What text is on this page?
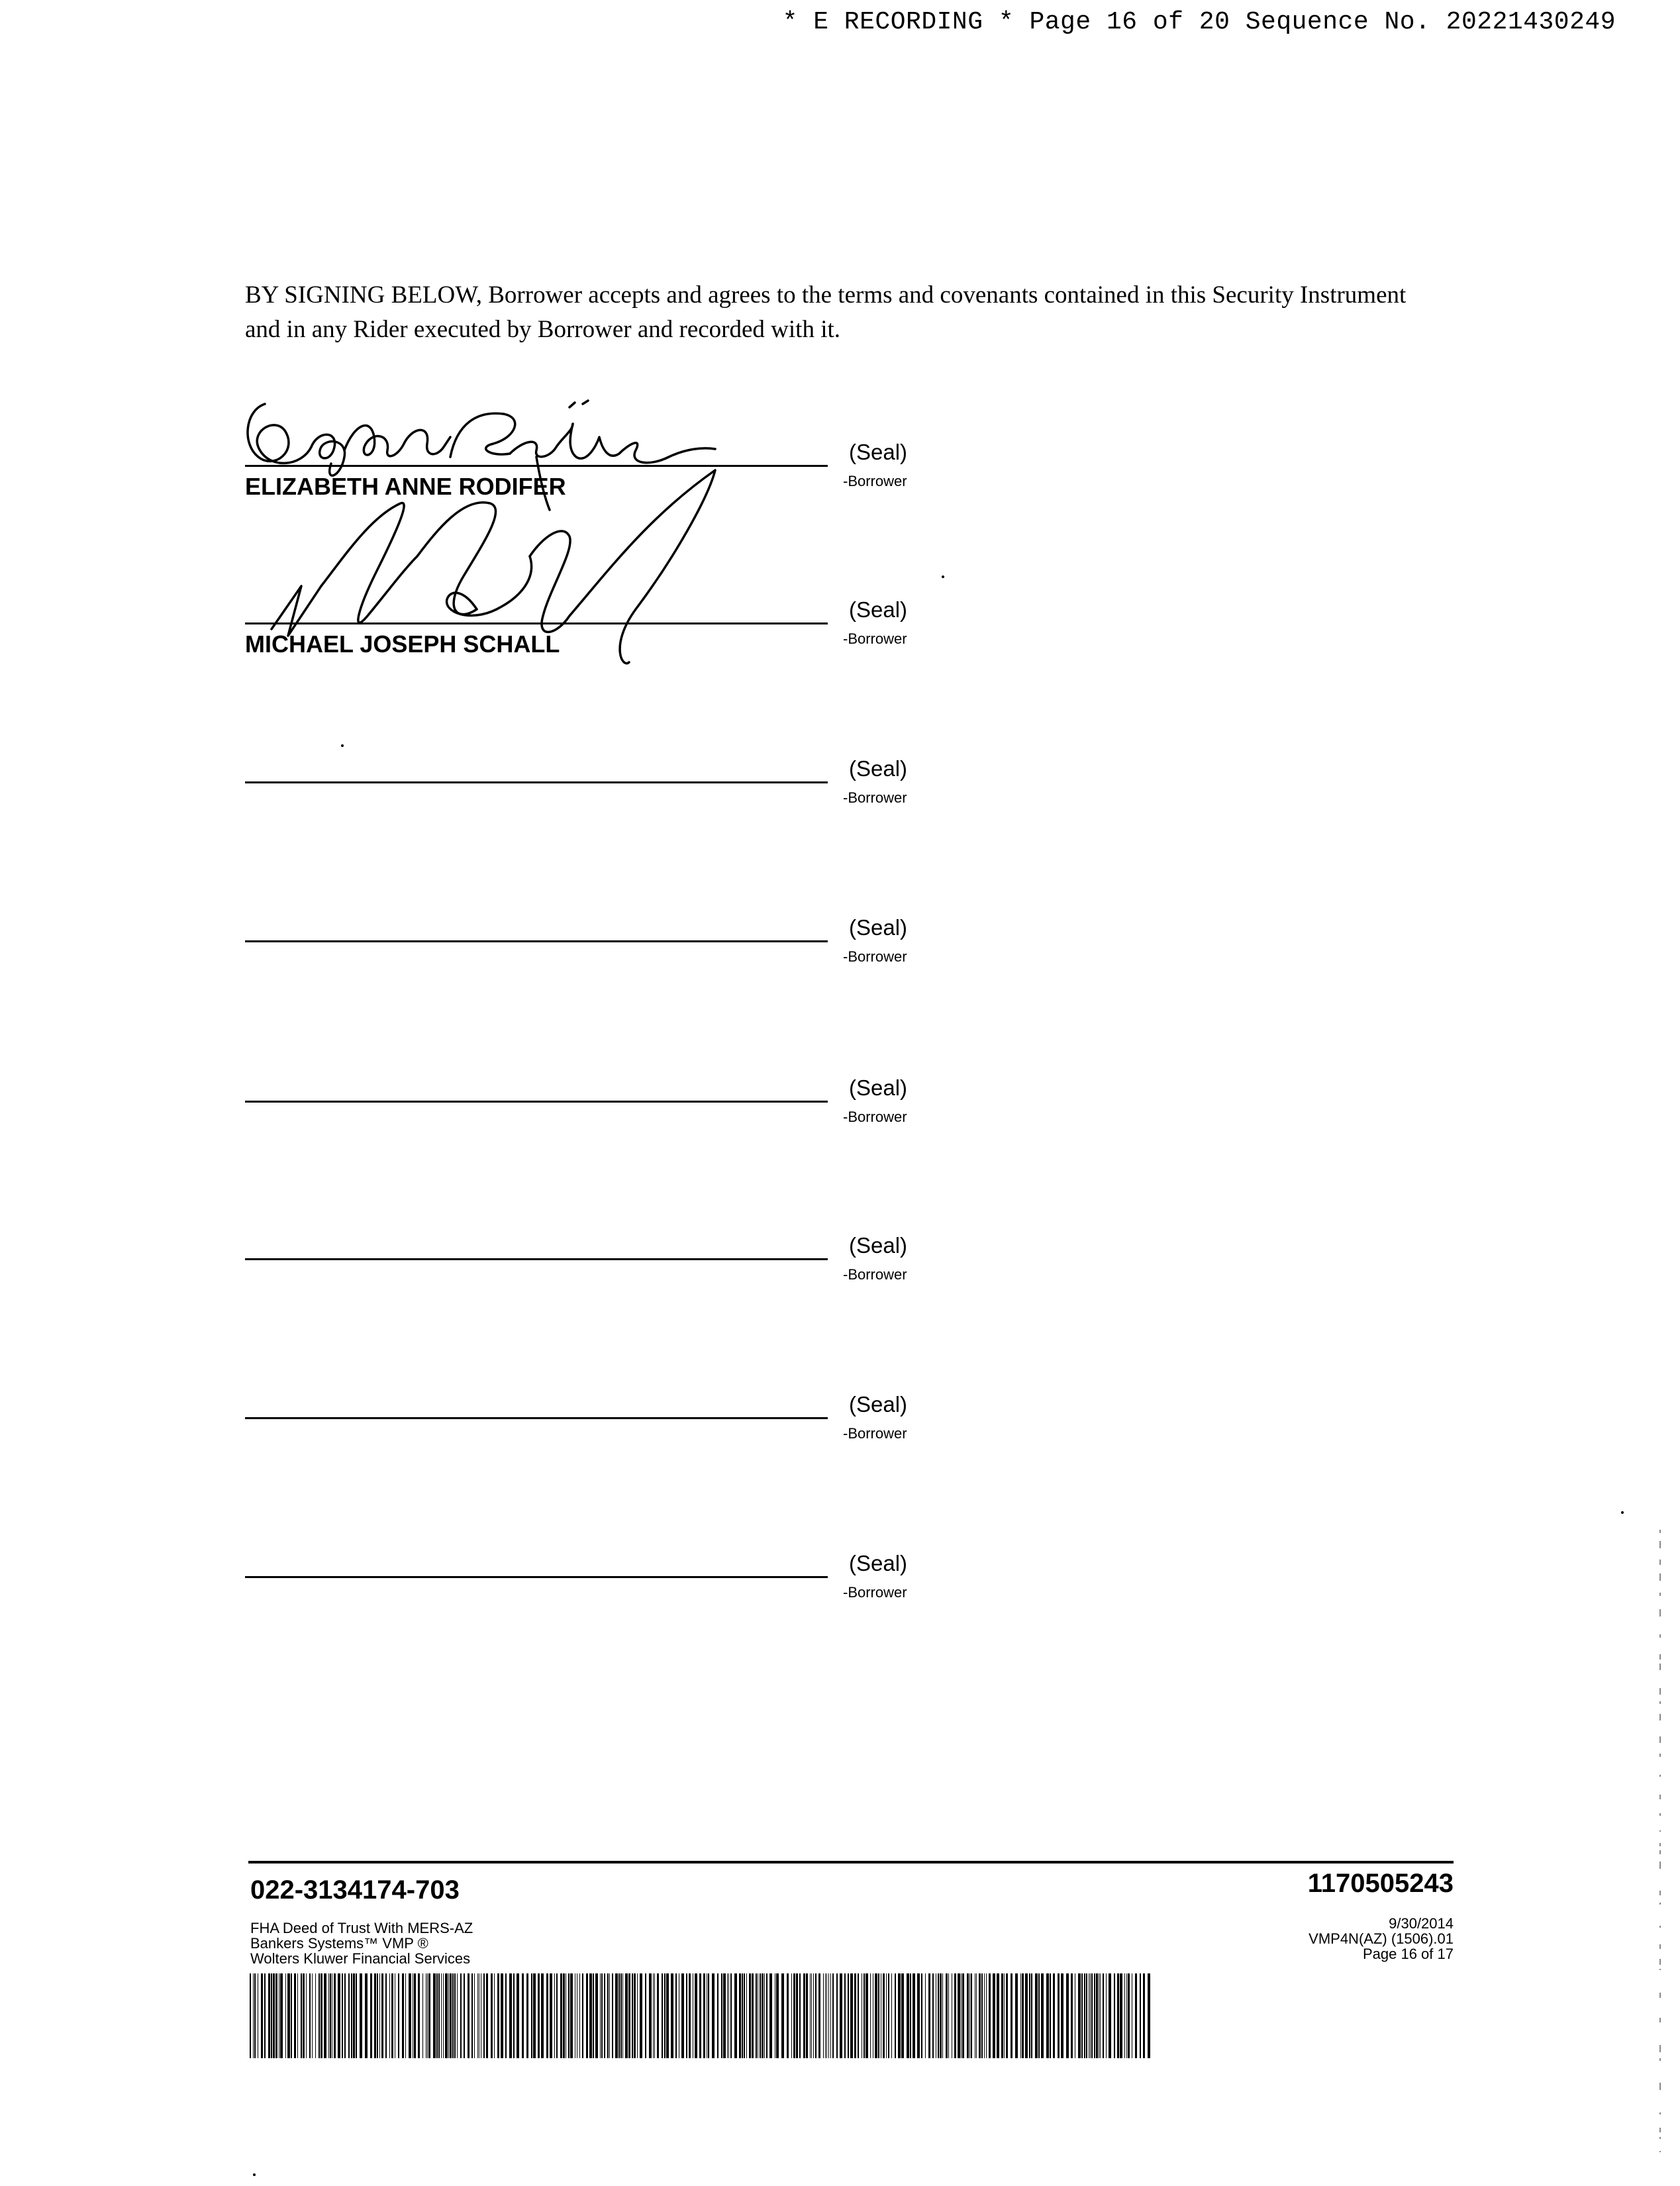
* E RECORDING * Page 16 of 20 Sequence No. 20221430249
BY SIGNING BELOW, Borrower accepts and agrees to the terms and covenants contained in this Security Instrument and in any Rider executed by Borrower and recorded with it.
(Seal)
-Borrower
ELIZABETH ANNE RODIFER
(Seal)
-Borrower
MICHAEL JOSEPH SCHALL
(Seal)
-Borrower
(Seal)
-Borrower
(Seal)
-Borrower
(Seal)
-Borrower
(Seal)
-Borrower
(Seal)
-Borrower
022-3134174-703	1170505243
FHA Deed of Trust With MERS-AZ
Bankers Systems™ VMP ®
Wolters Kluwer Financial Services
9/30/2014
VMP4N(AZ) (1506).01
Page 16 of 17
